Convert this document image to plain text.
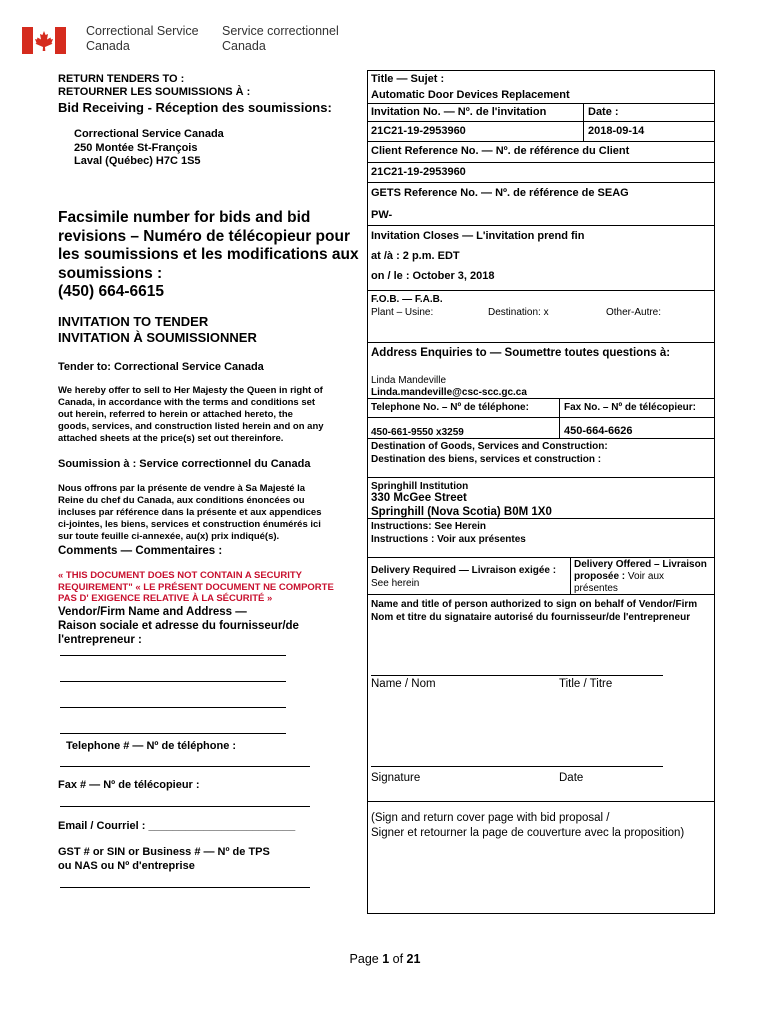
Correctional Service
Canada
Service correctionnel
Canada
RETURN TENDERS TO :
RETOURNER LES SOUMISSIONS À :
Bid Receiving - Réception des soumissions:
Correctional Service Canada
250 Montée St-François
Laval (Québec) H7C 1S5
Facsimile number for bids and bid
revisions – Numéro de télécopieur pour
les soumissions et les modifications aux
soumissions :
(450) 664-6615
INVITATION TO TENDER
INVITATION À SOUMISSIONNER
Tender to: Correctional Service Canada
We hereby offer to sell to Her Majesty the Queen in right of
Canada, in accordance with the terms and conditions set
out herein, referred to herein or attached hereto, the
goods, services, and construction listed herein and on any
attached sheets at the price(s) set out thereinfore.
Soumission à : Service correctionnel du Canada
Nous offrons par la présente de vendre à Sa Majesté la
Reine du chef du Canada, aux conditions énoncées ou
incluses par référence dans la présente et aux appendices
ci-jointes, les biens, services et construction énumérés ici
sur toute feuille ci-annexée, au(x) prix indiqué(s).
Comments — Commentaires :
« THIS DOCUMENT DOES NOT CONTAIN A SECURITY
REQUIREMENT" « LE PRÉSENT DOCUMENT NE COMPORTE
PAS D' EXIGENCE RELATIVE À LA SÉCURITÉ »
Vendor/Firm Name and Address —
Raison sociale et adresse du fournisseur/de
l'entrepreneur :
Telephone # — Nº de téléphone :
Fax # — Nº de télécopieur :
Email / Courriel : ________________________
GST # or SIN or Business # — Nº de TPS
ou NAS ou Nº d'entreprise
Title — Sujet :
Automatic Door Devices Replacement
Invitation No. — Nº. de l'invitation	Date :
21C21-19-2953960	2018-09-14
Client Reference No. — Nº. de référence du Client
21C21-19-2953960
GETS Reference No. — Nº. de référence de SEAG
PW-
Invitation Closes — L'invitation prend fin
at /à : 2 p.m. EDT
on / le : October 3, 2018
F.O.B. — F.A.B.
Plant – Usine:	Destination: x	Other-Autre:
Address Enquiries to — Soumettre toutes questions à:
Linda Mandeville
Linda.mandeville@csc-scc.gc.ca
Telephone No. – Nº de téléphone:	Fax No. – Nº de télécopieur:
450-661-9550 x3259	450-664-6626
Destination of Goods, Services and Construction:
Destination des biens, services et construction :
Springhill Institution
330 McGee Street
Springhill (Nova Scotia) B0M 1X0
Instructions: See Herein
Instructions : Voir aux présentes
Delivery Required — Livraison exigée :
See herein
Delivery Offered – Livraison
proposée : Voir aux
présentes
Name and title of person authorized to sign on behalf of Vendor/Firm
Nom et titre du signataire autorisé du fournisseur/de l'entrepreneur
Name / Nom	Title / Titre
Signature	Date
(Sign and return cover page with bid proposal /
Signer et retourner la page de couverture avec la proposition)
Page 1 of 21
